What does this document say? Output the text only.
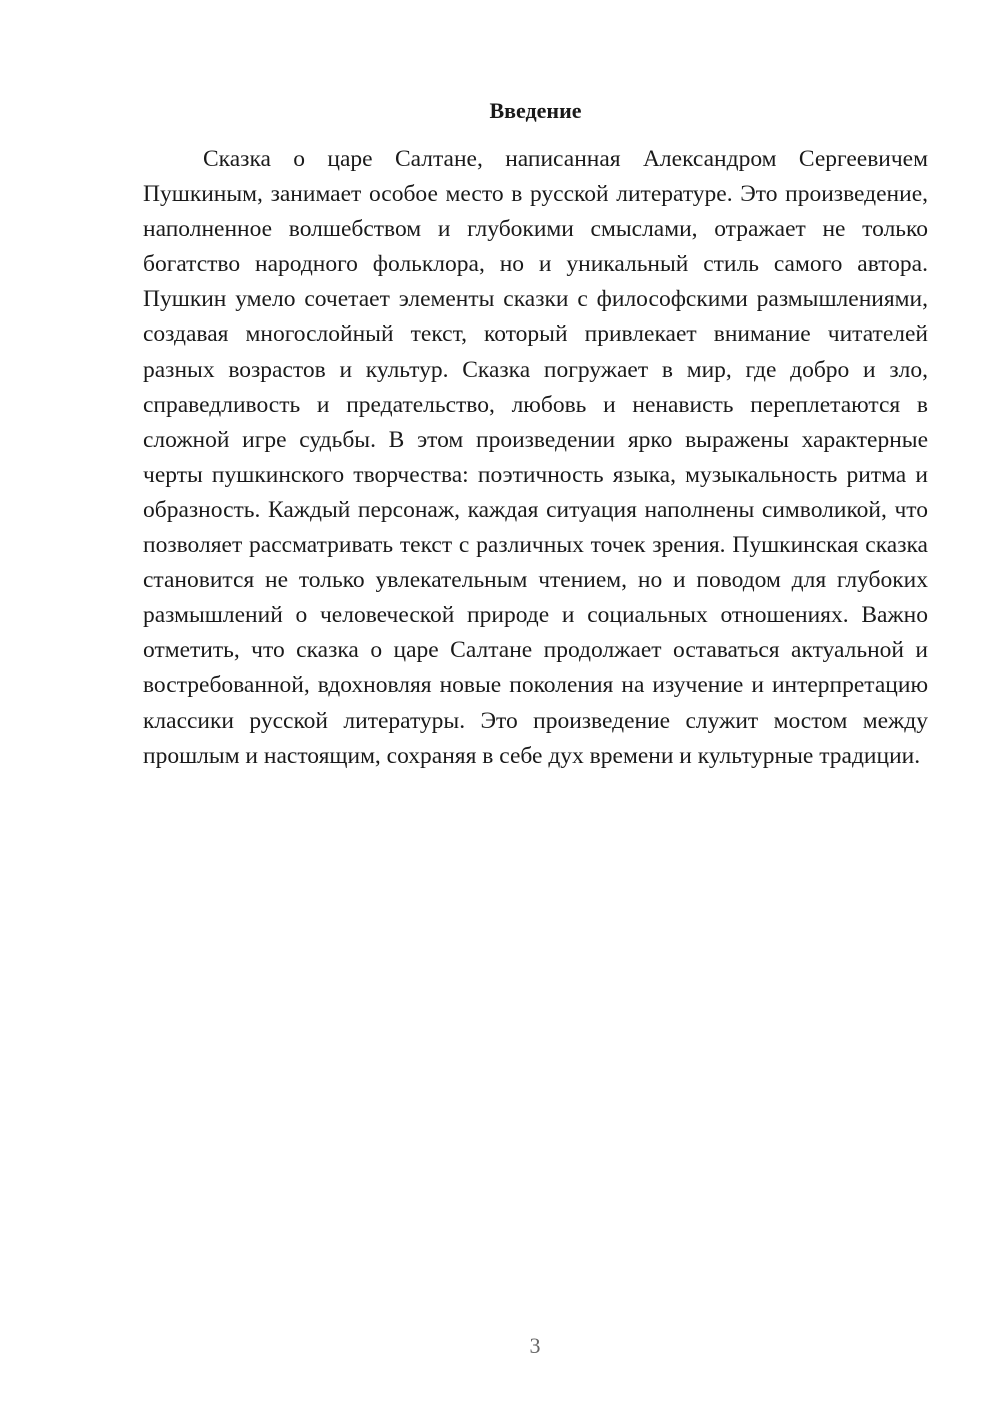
Введение

Сказка о царе Салтане, написанная Александром Сергеевичем Пушкиным, занимает особое место в русской литературе. Это произведение, наполненное волшебством и глубокими смыслами, отражает не только богатство народного фольклора, но и уникальный стиль самого автора. Пушкин умело сочетает элементы сказки с философскими размышлениями, создавая многослойный текст, который привлекает внимание читателей разных возрастов и культур. Сказка погружает в мир, где добро и зло, справедливость и предательство, любовь и ненависть переплетаются в сложной игре судьбы. В этом произведении ярко выражены характерные черты пушкинского творчества: поэтичность языка, музыкальность ритма и образность. Каждый персонаж, каждая ситуация наполнены символикой, что позволяет рассматривать текст с различных точек зрения. Пушкинская сказка становится не только увлекательным чтением, но и поводом для глубоких размышлений о человеческой природе и социальных отношениях. Важно отметить, что сказка о царе Салтане продолжает оставаться актуальной и востребованной, вдохновляя новые поколения на изучение и интерпретацию классики русской литературы. Это произведение служит мостом между прошлым и настоящим, сохраняя в себе дух времени и культурные традиции.

3
